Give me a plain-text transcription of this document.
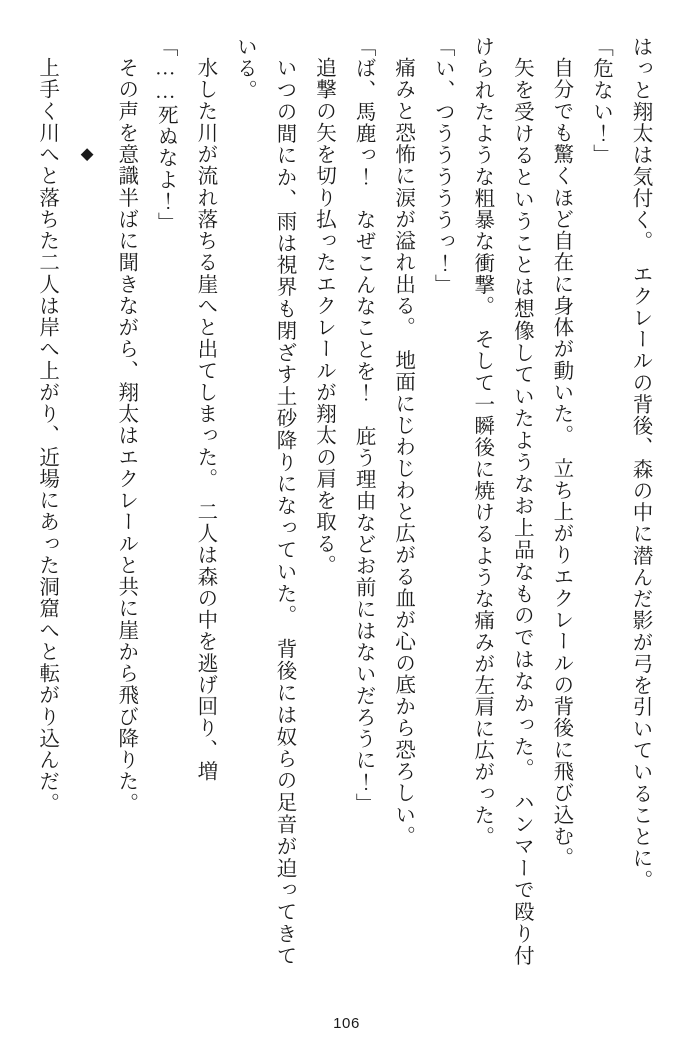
はっと翔太は気付く。　エクレールの背後、森の中に潜んだ影が弓を引いていることに。

「危ない！」

自分でも驚くほど自在に身体が動いた。　立ち上がりエクレールの背後に飛び込む。

矢を受けるということは想像していたようなお上品なものではなかった。　ハンマーで殴り付けられたような粗暴な衝撃。　そして一瞬後に焼けるような痛みが左肩に広がった。

「い、つうううううっ！」

痛みと恐怖に涙が溢れ出る。　地面にじわじわと広がる血が心の底から恐ろしい。

「ば、馬鹿っ！　なぜこんなことを！　庇う理由などお前にはないだろうに！」

追撃の矢を切り払ったエクレールが翔太の肩を取る。

いつの間にか、雨は視界も閉ざす土砂降りになっていた。　背後には奴らの足音が迫ってきている。

水した川が流れ落ちる崖へと出てしまった。　二人は森の中を逃げ回り、増

「……死ぬなよ！」

その声を意識半ばに聞きながら、翔太はエクレールと共に崖から飛び降りた。

◆

上手く川へと落ちた二人は岸へ上がり、近場にあった洞窟へと転がり込んだ。

106
